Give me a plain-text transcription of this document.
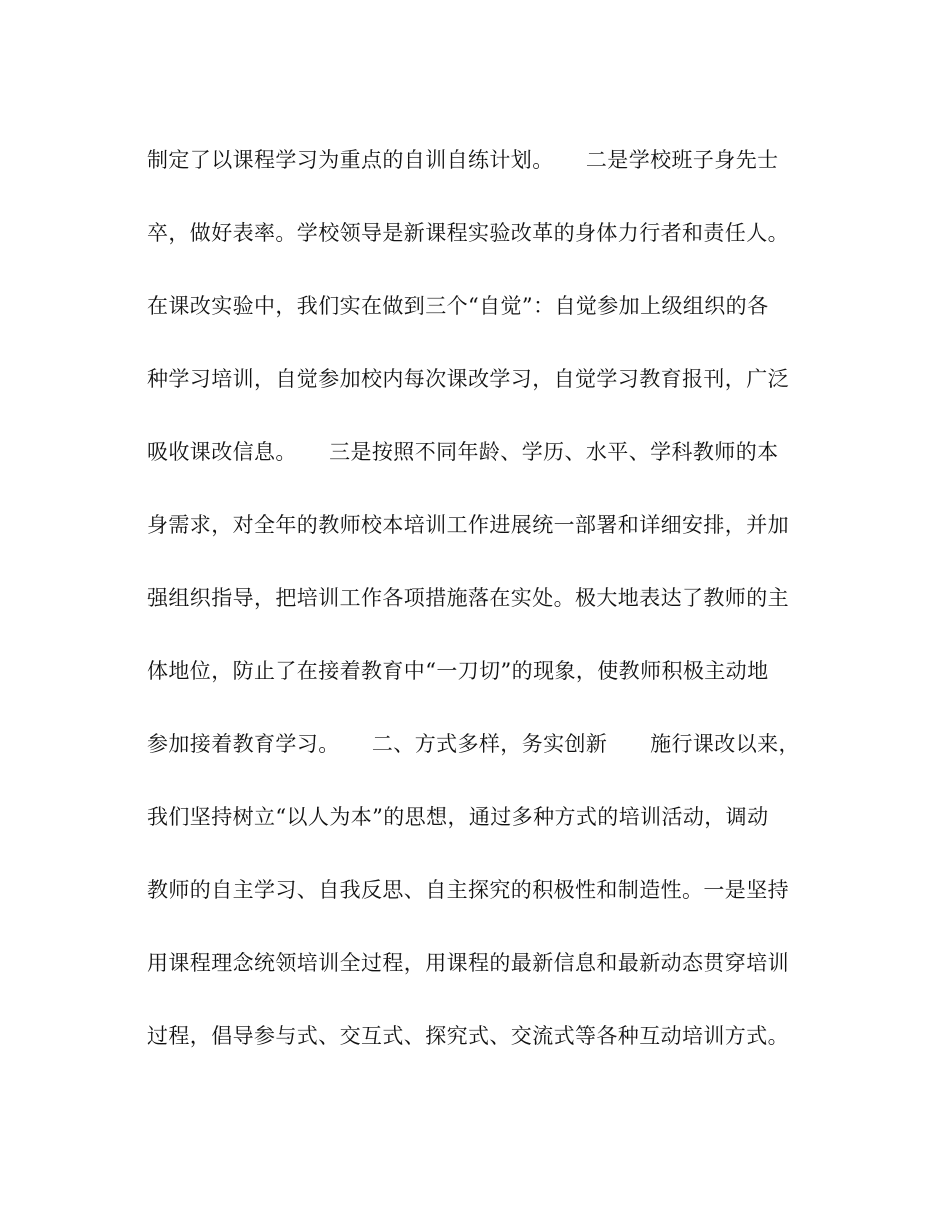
制定了以课程学习为重点的自训自练计划。　　二是学校班子身先士
卒，做好表率。学校领导是新课程实验改革的身体力行者和责任人。
在课改实验中，我们实在做到三个“自觉”：自觉参加上级组织的各
种学习培训，自觉参加校内每次课改学习，自觉学习教育报刊，广泛
吸收课改信息。　　三是按照不同年龄、学历、水平、学科教师的本
身需求，对全年的教师校本培训工作进展统一部署和详细安排，并加
强组织指导，把培训工作各项措施落在实处。极大地表达了教师的主
体地位，防止了在接着教育中“一刀切”的现象，使教师积极主动地
参加接着教育学习。　　二、方式多样，务实创新　　施行课改以来，
我们坚持树立“以人为本”的思想，通过多种方式的培训活动，调动
教师的自主学习、自我反思、自主探究的积极性和制造性。一是坚持
用课程理念统领培训全过程，用课程的最新信息和最新动态贯穿培训
过程，倡导参与式、交互式、探究式、交流式等各种互动培训方式。
